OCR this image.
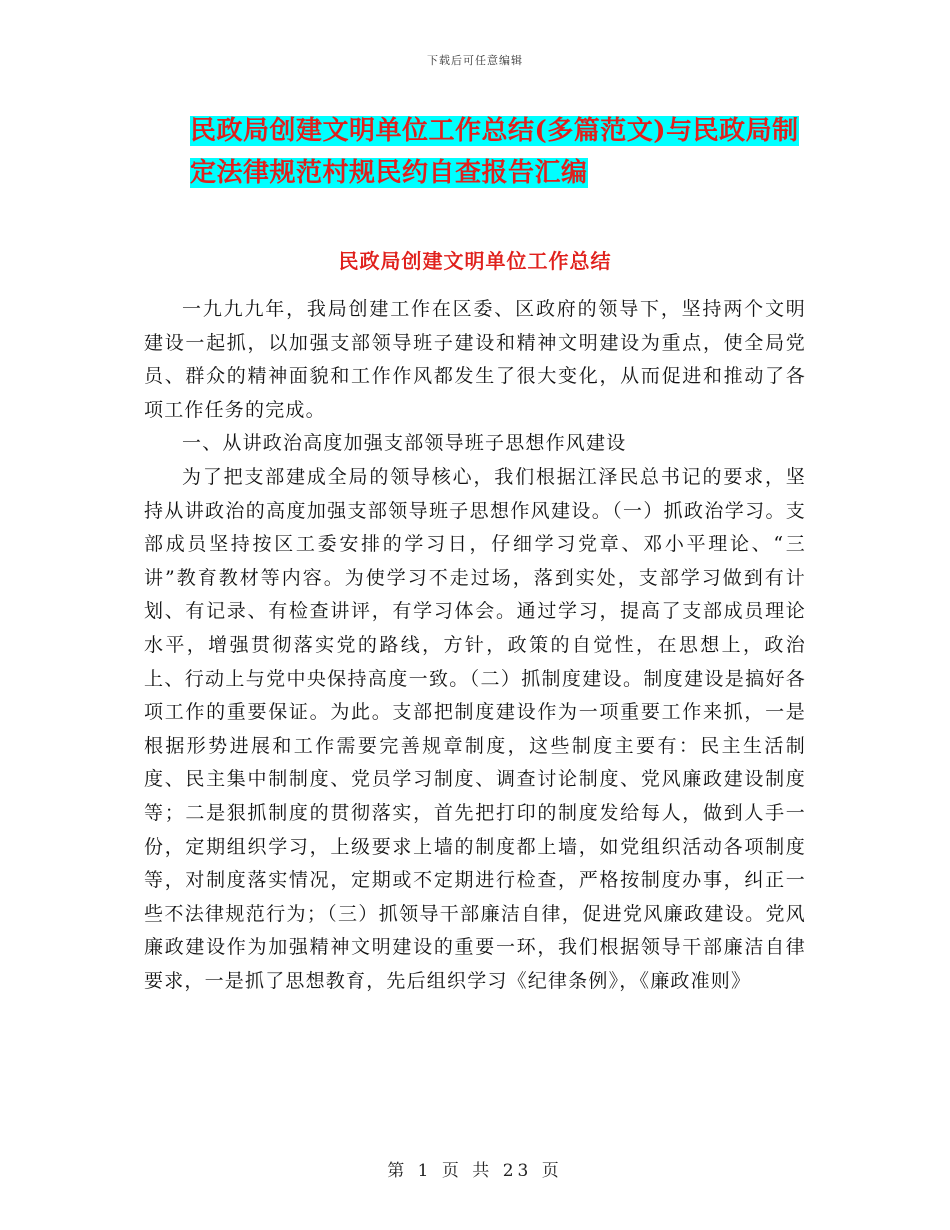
下载后可任意编辑
民政局创建文明单位工作总结(多篇范文)与民政局制
定法律规范村规民约自查报告汇编
民政局创建文明单位工作总结

一九九九年，我局创建工作在区委、区政府的领导下，坚持两个文明建设一起抓，以加强支部领导班子建设和精神文明建设为重点，使全局党员、群众的精神面貌和工作作风都发生了很大变化，从而促进和推动了各项工作任务的完成。

一、从讲政治高度加强支部领导班子思想作风建设

为了把支部建成全局的领导核心，我们根据江泽民总书记的要求，坚持从讲政治的高度加强支部领导班子思想作风建设。（一）抓政治学习。支部成员坚持按区工委安排的学习日，仔细学习党章、邓小平理论、“三讲”教育教材等内容。为使学习不走过场，落到实处，支部学习做到有计划、有记录、有检查讲评，有学习体会。通过学习，提高了支部成员理论水平，增强贯彻落实党的路线，方针，政策的自觉性，在思想上，政治上、行动上与党中央保持高度一致。（二）抓制度建设。制度建设是搞好各项工作的重要保证。为此。支部把制度建设作为一项重要工作来抓，一是根据形势进展和工作需要完善规章制度，这些制度主要有：民主生活制度、民主集中制制度、党员学习制度、调查讨论制度、党风廉政建设制度等；二是狠抓制度的贯彻落实，首先把打印的制度发给每人，做到人手一份，定期组织学习，上级要求上墙的制度都上墙，如党组织活动各项制度等，对制度落实情况，定期或不定期进行检查，严格按制度办事，纠正一些不法律规范行为；（三）抓领导干部廉洁自律，促进党风廉政建设。党风廉政建设作为加强精神文明建设的重要一环，我们根据领导干部廉洁自律要求，一是抓了思想教育，先后组织学习《纪律条例》，《廉政准则》

第 1 页 共 23 页
